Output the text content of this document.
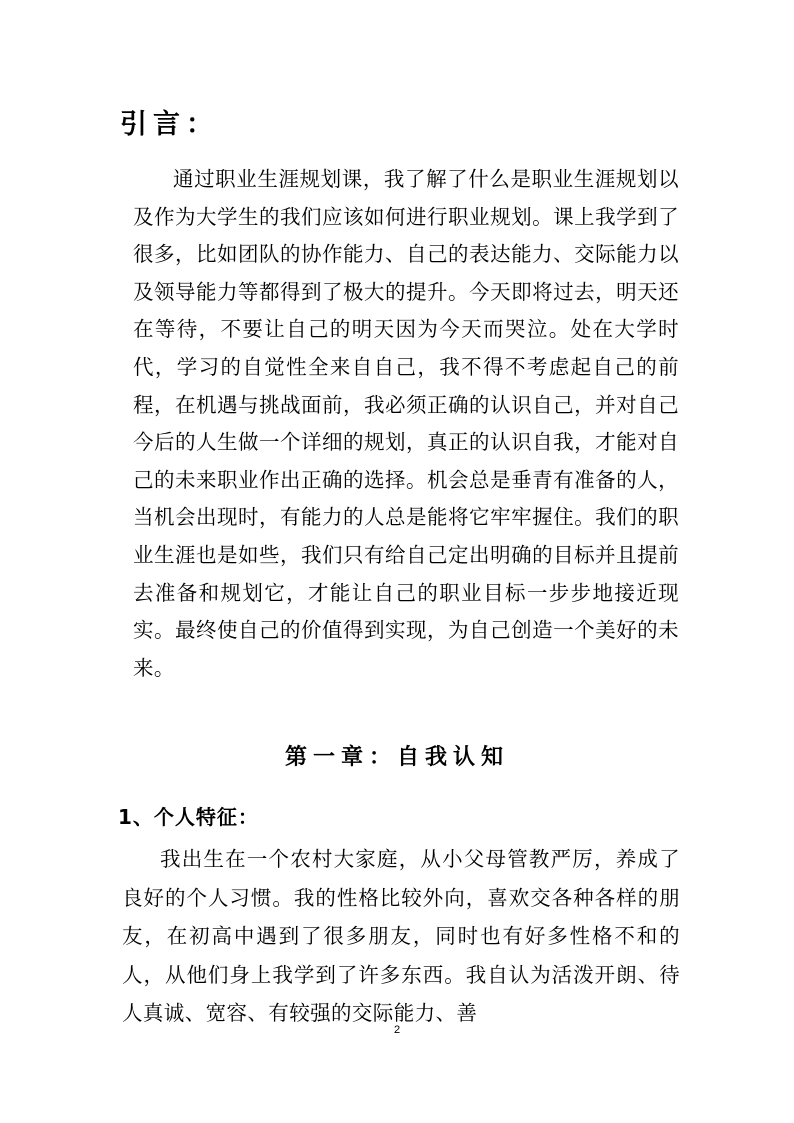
引言：

通过职业生涯规划课，我了解了什么是职业生涯规划以及作为大学生的我们应该如何进行职业规划。课上我学到了很多，比如团队的协作能力、自己的表达能力、交际能力以及领导能力等都得到了极大的提升。今天即将过去，明天还在等待，不要让自己的明天因为今天而哭泣。处在大学时代，学习的自觉性全来自自己，我不得不考虑起自己的前程，在机遇与挑战面前，我必须正确的认识自己，并对自己今后的人生做一个详细的规划，真正的认识自我，才能对自己的未来职业作出正确的选择。机会总是垂青有准备的人，当机会出现时，有能力的人总是能将它牢牢握住。我们的职业生涯也是如些，我们只有给自己定出明确的目标并且提前去准备和规划它，才能让自己的职业目标一步步地接近现实。最终使自己的价值得到实现，为自己创造一个美好的未来。

第一章：自我认知
1、个人特征：

我出生在一个农村大家庭，从小父母管教严厉，养成了良好的个人习惯。我的性格比较外向，喜欢交各种各样的朋友，在初高中遇到了很多朋友，同时也有好多性格不和的人，从他们身上我学到了许多东西。我自认为活泼开朗、待人真诚、宽容、有较强的交际能力、善

2
